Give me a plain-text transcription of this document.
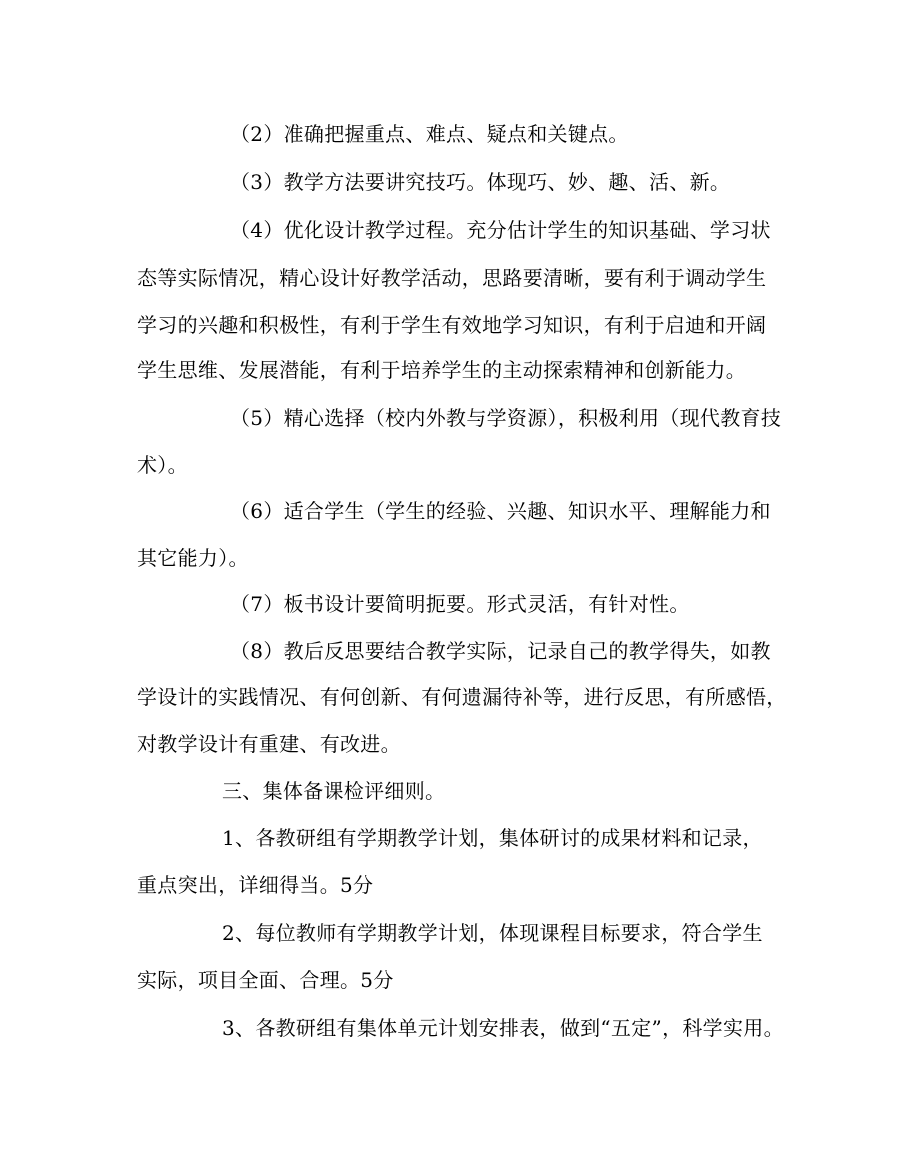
（2）准确把握重点、难点、疑点和关键点。
（3）教学方法要讲究技巧。体现巧、妙、趣、活、新。
（4）优化设计教学过程。充分估计学生的知识基础、学习状
态等实际情况，精心设计好教学活动，思路要清晰，要有利于调动学生
学习的兴趣和积极性，有利于学生有效地学习知识，有利于启迪和开阔
学生思维、发展潜能，有利于培养学生的主动探索精神和创新能力。
（5）精心选择（校内外教与学资源），积极利用（现代教育技
术）。
（6）适合学生（学生的经验、兴趣、知识水平、理解能力和
其它能力）。
（7）板书设计要简明扼要。形式灵活，有针对性。
（8）教后反思要结合教学实际，记录自己的教学得失，如教
学设计的实践情况、有何创新、有何遗漏待补等，进行反思，有所感悟，
对教学设计有重建、有改进。
三、集体备课检评细则。
1、各教研组有学期教学计划，集体研讨的成果材料和记录，
重点突出，详细得当。5分
2、每位教师有学期教学计划，体现课程目标要求，符合学生
实际，项目全面、合理。5分
3、各教研组有集体单元计划安排表，做到“五定”，科学实用。
